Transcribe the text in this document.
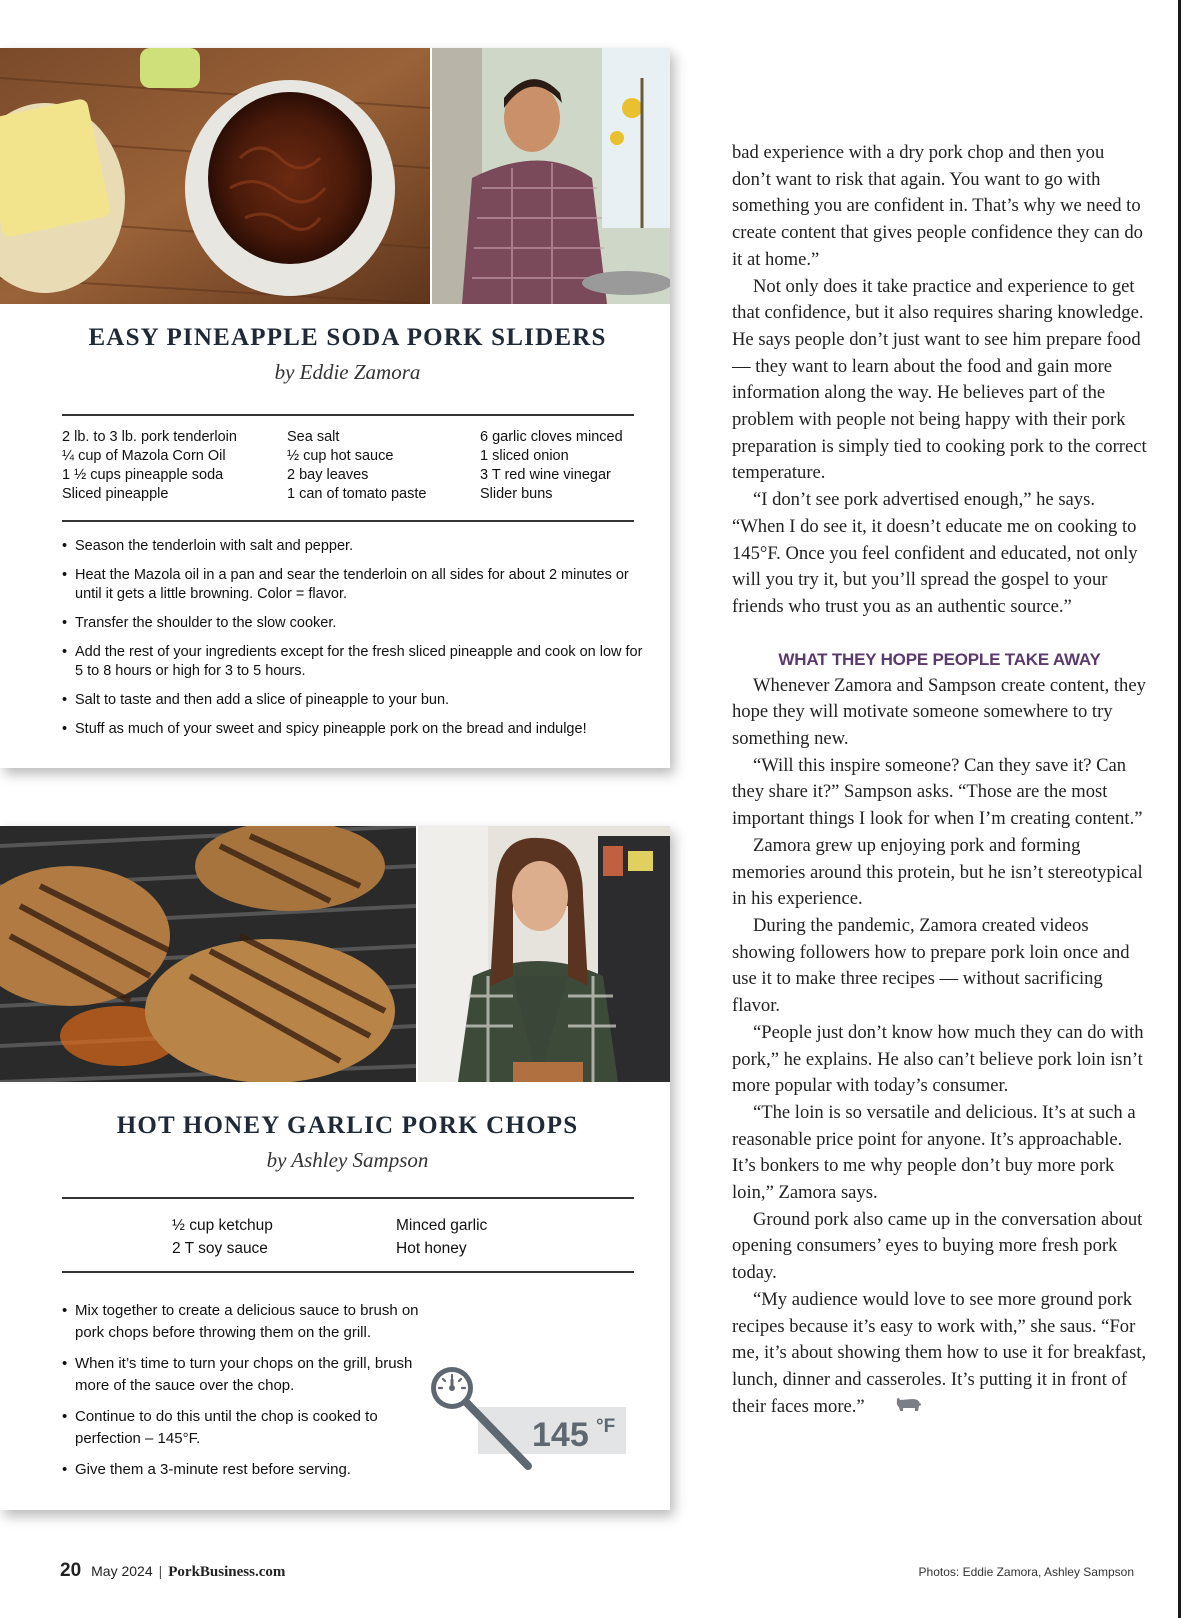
EASY PINEAPPLE SODA PORK SLIDERS
by Eddie Zamora
2 lb. to 3 lb. pork tenderloin
¼ cup of Mazola Corn Oil
1 ½ cups pineapple soda
Sliced pineapple
Sea salt
½ cup hot sauce
2 bay leaves
1 can of tomato paste
6 garlic cloves minced
1 sliced onion
3 T red wine vinegar
Slider buns
• Season the tenderloin with salt and pepper.
• Heat the Mazola oil in a pan and sear the tenderloin on all sides for about 2 minutes or until it gets a little browning. Color = flavor.
• Transfer the shoulder to the slow cooker.
• Add the rest of your ingredients except for the fresh sliced pineapple and cook on low for 5 to 8 hours or high for 3 to 5 hours.
• Salt to taste and then add a slice of pineapple to your bun.
• Stuff as much of your sweet and spicy pineapple pork on the bread and indulge!
HOT HONEY GARLIC PORK CHOPS
by Ashley Sampson
½ cup ketchup
2 T soy sauce
Minced garlic
Hot honey
• Mix together to create a delicious sauce to brush on pork chops before throwing them on the grill.
• When it’s time to turn your chops on the grill, brush more of the sauce over the chop.
• Continue to do this until the chop is cooked to perfection – 145°F.
• Give them a 3-minute rest before serving.
145 °F

bad experience with a dry pork chop and then you don’t want to risk that again. You want to go with something you are confident in. That’s why we need to create content that gives people confidence they can do it at home.”

Not only does it take practice and experience to get that confidence, but it also requires sharing knowledge. He says people don’t just want to see him prepare food — they want to learn about the food and gain more information along the way. He believes part of the problem with people not being happy with their pork preparation is simply tied to cooking pork to the correct temperature.

“I don’t see pork advertised enough,” he says. “When I do see it, it doesn’t educate me on cooking to 145°F. Once you feel confident and educated, not only will you try it, but you’ll spread the gospel to your friends who trust you as an authentic source.”

WHAT THEY HOPE PEOPLE TAKE AWAY

Whenever Zamora and Sampson create content, they hope they will motivate someone somewhere to try something new.

“Will this inspire someone? Can they save it? Can they share it?” Sampson asks. “Those are the most important things I look for when I’m creating content.”

Zamora grew up enjoying pork and forming memories around this protein, but he isn’t stereotypical in his experience.

During the pandemic, Zamora created videos showing followers how to prepare pork loin once and use it to make three recipes — without sacrificing flavor.

“People just don’t know how much they can do with pork,” he explains. He also can’t believe pork loin isn’t more popular with today’s consumer.

“The loin is so versatile and delicious. It’s at such a reasonable price point for anyone. It’s approachable. It’s bonkers to me why people don’t buy more pork loin,” Zamora says.

Ground pork also came up in the conversation about opening consumers’ eyes to buying more fresh pork today.

“My audience would love to see more ground pork recipes because it’s easy to work with,” she saus. “For me, it’s about showing them how to use it for breakfast, lunch, dinner and casseroles. It’s putting it in front of their faces more.”

20 May 2024 | PorkBusiness.com	Photos: Eddie Zamora, Ashley Sampson
